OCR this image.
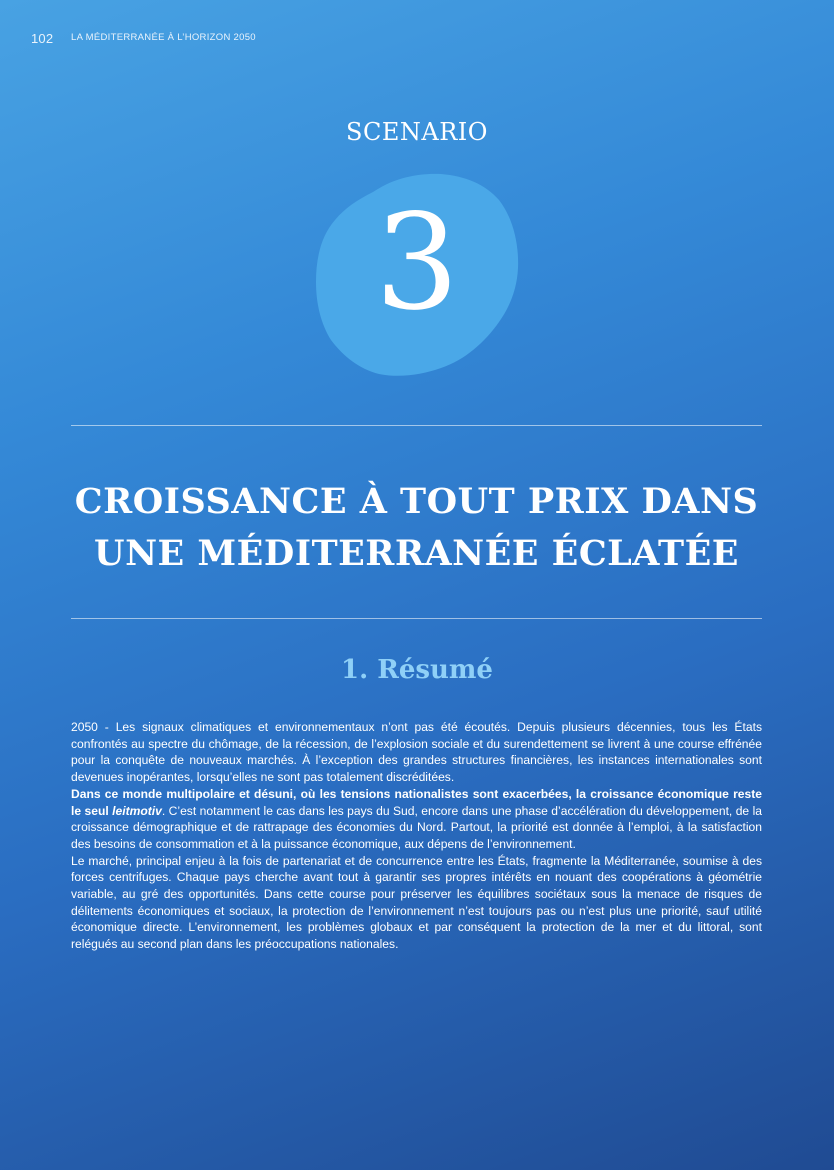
102 LA MÉDITERRANÉE À L’HORIZON 2050
SCENARIO
3
CROISSANCE À TOUT PRIX DANS
UNE MÉDITERRANÉE ÉCLATÉE
1. Résumé

2050 - Les signaux climatiques et environnementaux n’ont pas été écoutés. Depuis plusieurs décennies, tous les États confrontés au spectre du chômage, de la récession, de l’explosion sociale et du surendettement se livrent à une course effrénée pour la conquête de nouveaux marchés. À l’exception des grandes structures financières, les instances internationales sont devenues inopérantes, lorsqu’elles ne sont pas totalement discréditées.

Dans ce monde multipolaire et désuni, où les tensions nationalistes sont exacerbées, la croissance économique reste le seul leitmotiv. C’est notamment le cas dans les pays du Sud, encore dans une phase d’accélération du développement, de la croissance démographique et de rattrapage des économies du Nord. Partout, la priorité est donnée à l’emploi, à la satisfaction des besoins de consommation et à la puissance économique, aux dépens de l’environnement.

Le marché, principal enjeu à la fois de partenariat et de concurrence entre les États, fragmente la Méditerranée, soumise à des forces centrifuges. Chaque pays cherche avant tout à garantir ses propres intérêts en nouant des coopérations à géométrie variable, au gré des opportunités. Dans cette course pour préserver les équilibres sociétaux sous la menace de risques de délitements économiques et sociaux, la protection de l’environnement n’est toujours pas ou n’est plus une priorité, sauf utilité économique directe. L’environnement, les problèmes globaux et par conséquent la protection de la mer et du littoral, sont relégués au second plan dans les préoccupations nationales.
